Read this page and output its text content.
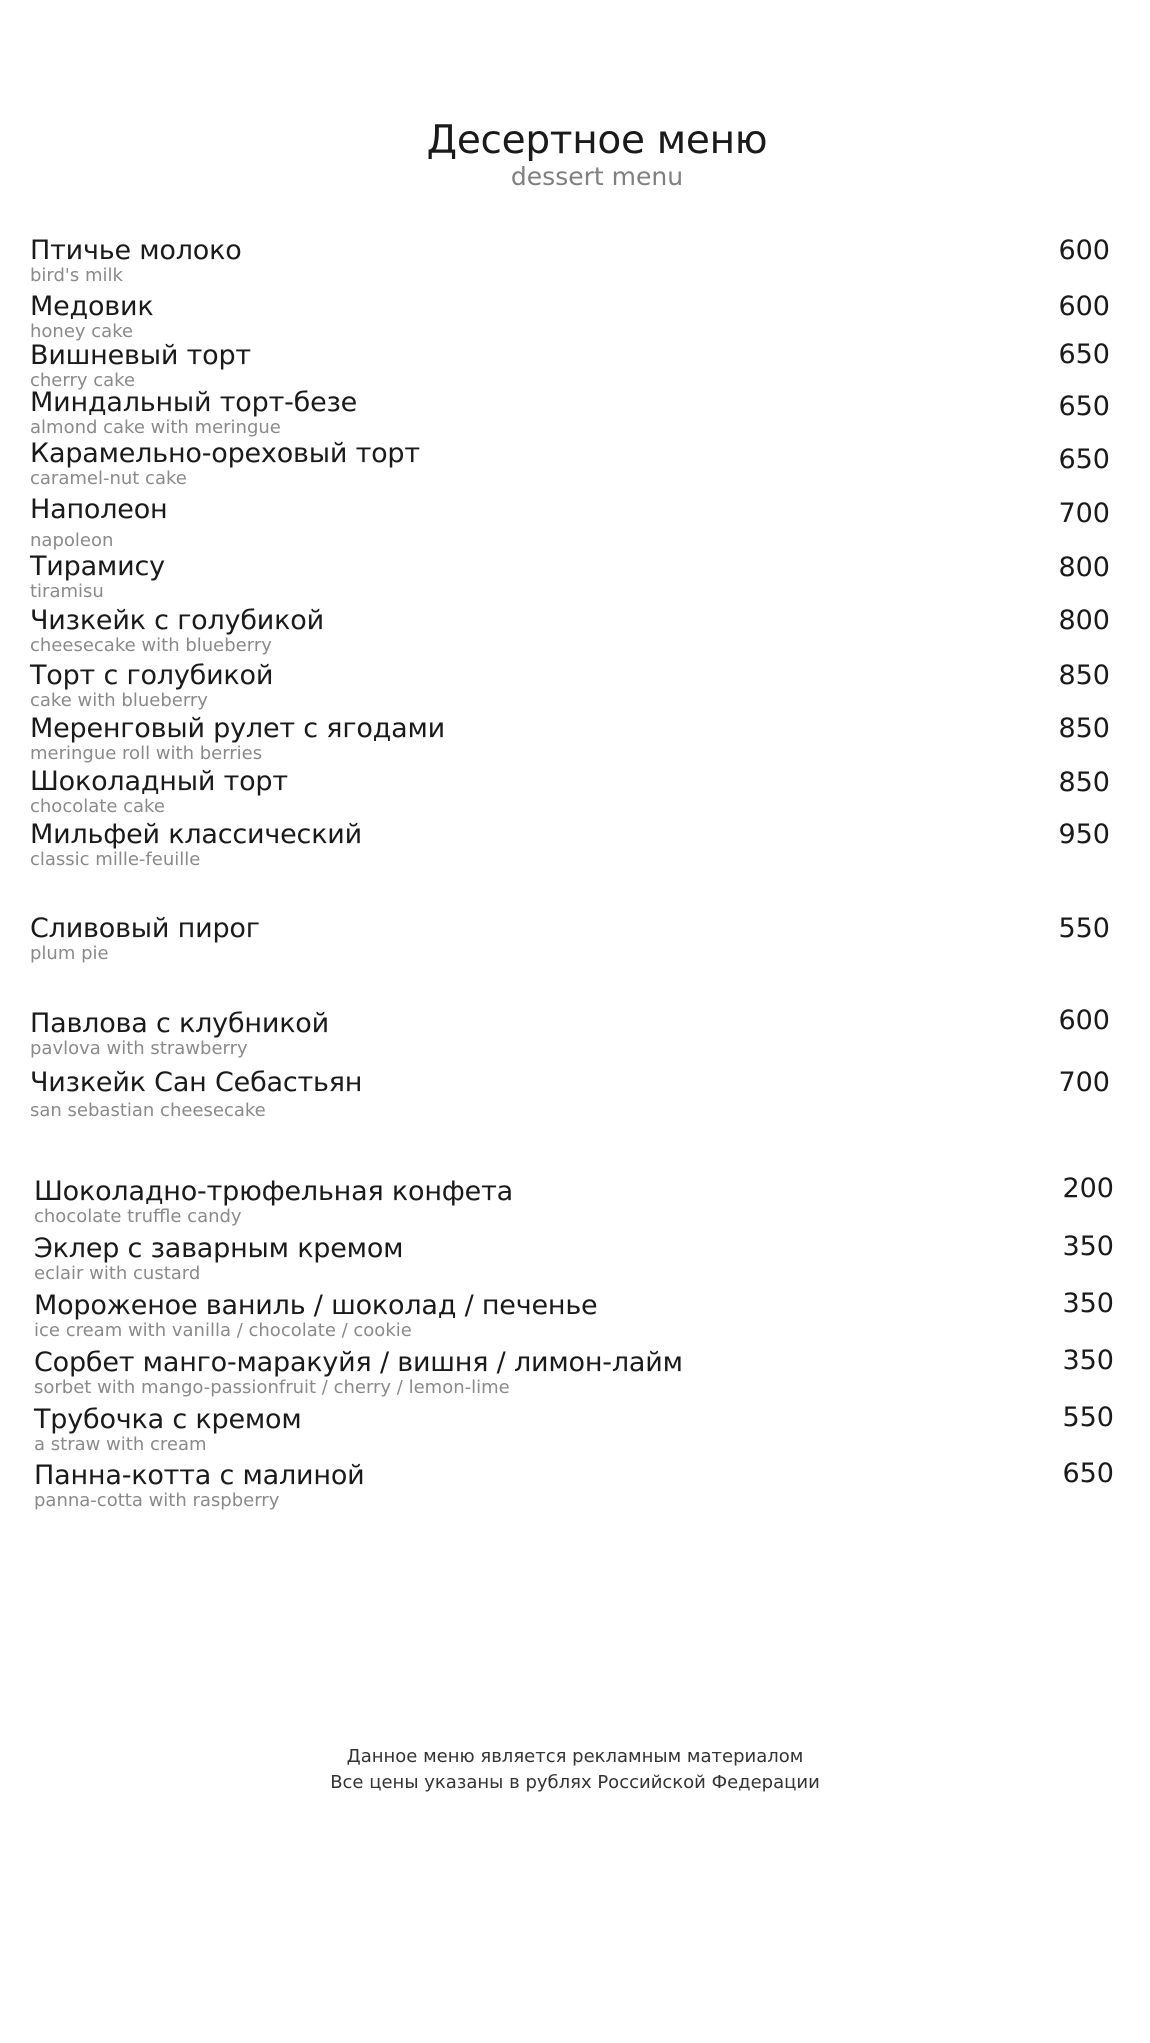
Десертное меню
dessert menu
Птичье молоко
bird's milk
600
Медовик
honey cake
600
Вишневый торт
cherry cake
650
Миндальный торт-безе
almond cake with meringue
650
Карамельно-ореховый торт
caramel-nut cake
650
Наполеон
napoleon
700
Тирамису
tiramisu
800
Чизкейк с голубикой
cheesecake with blueberry
800
Торт с голубикой
cake with blueberry
850
Меренговый рулет с ягодами
meringue roll with berries
850
Шоколадный торт
chocolate cake
850
Мильфей классический
classic mille-feuille
950
Сливовый пирог
plum pie
550
Павлова с клубникой
pavlova with strawberry
600
Чизкейк Сан Себастьян
san sebastian cheesecake
700
Шоколадно-трюфельная конфета
chocolate truffle candy
200
Эклер с заварным кремом
eclair with custard
350
Мороженое ваниль / шоколад / печенье
ice cream with vanilla / chocolate / cookie
350
Сорбет манго-маракуйя / вишня / лимон-лайм
sorbet with mango-passionfruit / cherry / lemon-lime
350
Трубочка с кремом
a straw with cream
550
Панна-котта с малиной
panna-cotta with raspberry
650
Данное меню является рекламным материалом
Все цены указаны в рублях Российской Федерации
